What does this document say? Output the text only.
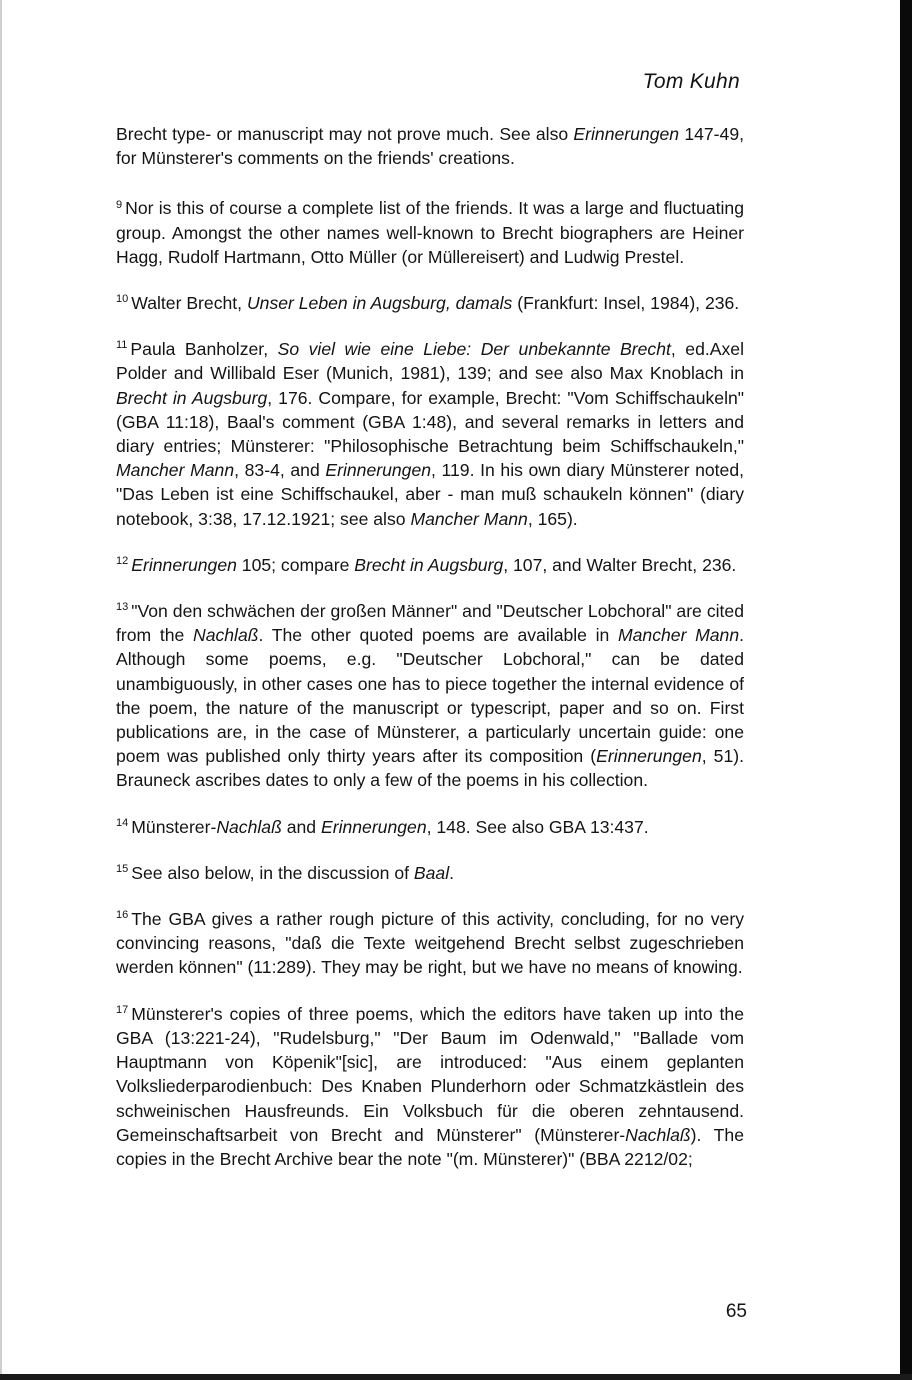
Tom Kuhn

Brecht type- or manuscript may not prove much. See also Erinnerungen 147-49, for Münsterer's comments on the friends' creations.

$^9$ Nor is this of course a complete list of the friends. It was a large and fluctuating group. Amongst the other names well-known to Brecht biographers are Heiner Hagg, Rudolf Hartmann, Otto Müller (or Müllereisert) and Ludwig Prestel.

$^{10}$ Walter Brecht, Unser Leben in Augsburg, damals (Frankfurt: Insel, 1984), 236.

$^{11}$ Paula Banholzer, So viel wie eine Liebe: Der unbekannte Brecht, ed.Axel Polder and Willibald Eser (Munich, 1981), 139; and see also Max Knoblach in Brecht in Augsburg, 176. Compare, for example, Brecht: "Vom Schiffschaukeln" (GBA 11:18), Baal's comment (GBA 1:48), and several remarks in letters and diary entries; Münsterer: "Philosophische Betrachtung beim Schiffschaukeln," Mancher Mann, 83-4, and Erinnerungen, 119. In his own diary Münsterer noted, "Das Leben ist eine Schiffschaukel, aber - man muß schaukeln können" (diary notebook, 3:38, 17.12.1921; see also Mancher Mann, 165).

$^{12}$ Erinnerungen 105; compare Brecht in Augsburg, 107, and Walter Brecht, 236.

$^{13}$ "Von den schwächen der großen Männer" and "Deutscher Lobchoral" are cited from the Nachlaß. The other quoted poems are available in Mancher Mann. Although some poems, e.g. "Deutscher Lobchoral," can be dated unambiguously, in other cases one has to piece together the internal evidence of the poem, the nature of the manuscript or typescript, paper and so on. First publications are, in the case of Münsterer, a particularly uncertain guide: one poem was published only thirty years after its composition (Erinnerungen, 51). Brauneck ascribes dates to only a few of the poems in his collection.

$^{14}$ Münsterer-Nachlaß and Erinnerungen, 148. See also GBA 13:437.

$^{15}$ See also below, in the discussion of Baal.

$^{16}$ The GBA gives a rather rough picture of this activity, concluding, for no very convincing reasons, "daß die Texte weitgehend Brecht selbst zugeschrieben werden können" (11:289). They may be right, but we have no means of knowing.

$^{17}$ Münsterer's copies of three poems, which the editors have taken up into the GBA (13:221-24), "Rudelsburg," "Der Baum im Odenwald," "Ballade vom Hauptmann von Köpenik"[sic], are introduced: "Aus einem geplanten Volksliederparodienbuch: Des Knaben Plunderhorn oder Schmatzkästlein des schweinischen Hausfreunds. Ein Volksbuch für die oberen zehntausend. Gemeinschaftsarbeit von Brecht and Münsterer" (Münsterer-Nachlaß). The copies in the Brecht Archive bear the note "(m. Münsterer)" (BBA 2212/02;

65
